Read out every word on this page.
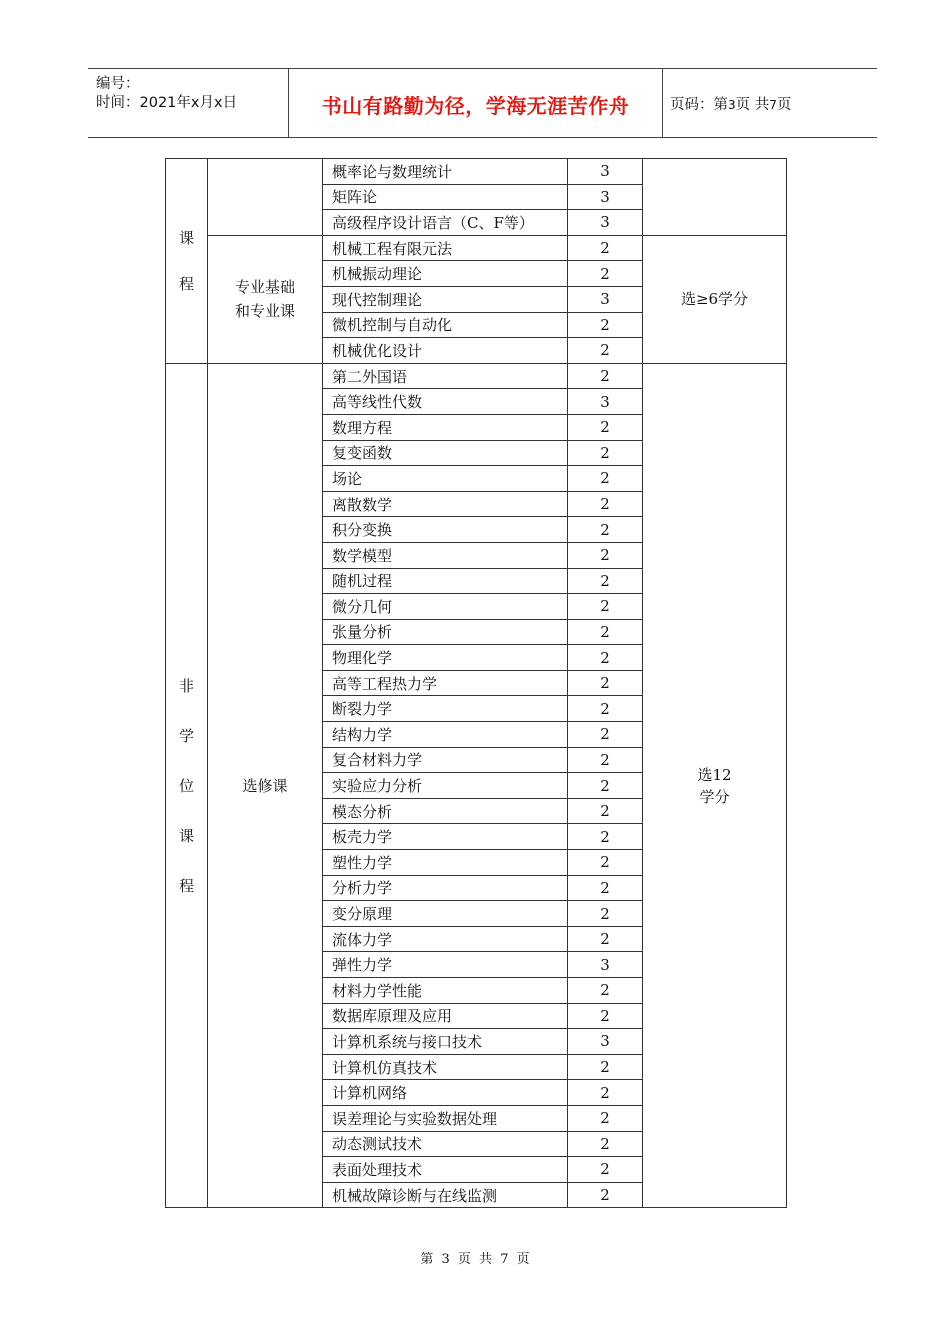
编号：
时间：2021年x月x日	书山有路勤为径，学海无涯苦作舟	页码：第3页 共7页
课
程		概率论与数理统计	3	
		矩阵论	3	
		高级程序设计语言（C、F等）	3	

	专业基础和专业课	机械工程有限元法	2	选≥6学分
		机械振动理论	2	
		现代控制理论	3	
		微机控制与自动化	2	
		机械优化设计	2	

非
学
位
课
程	选修课	第二外国语	2	选12学分

		高等线性代数	3	
		数理方程	2	
		复变函数	2	
		场论	2	
		离散数学	2	
		积分变换	2	
		数学模型	2	
		随机过程	2	
		微分几何	2	
		张量分析	2	
		物理化学	2	
		高等工程热力学	2	
		断裂力学	2	
		结构力学	2	
		复合材料力学	2	
		实验应力分析	2	
		模态分析	2	
		板壳力学	2	
		塑性力学	2	
		分析力学	2	
		变分原理	2	
		流体力学	2	
		弹性力学	3	
		材料力学性能	2	
		数据库原理及应用	2	
		计算机系统与接口技术	3	
		计算机仿真技术	2	
		计算机网络	2	
		误差理论与实验数据处理	2	
		动态测试技术	2	
		表面处理技术	2	
		机械故障诊断与在线监测	2	
第 3 页 共 7 页
